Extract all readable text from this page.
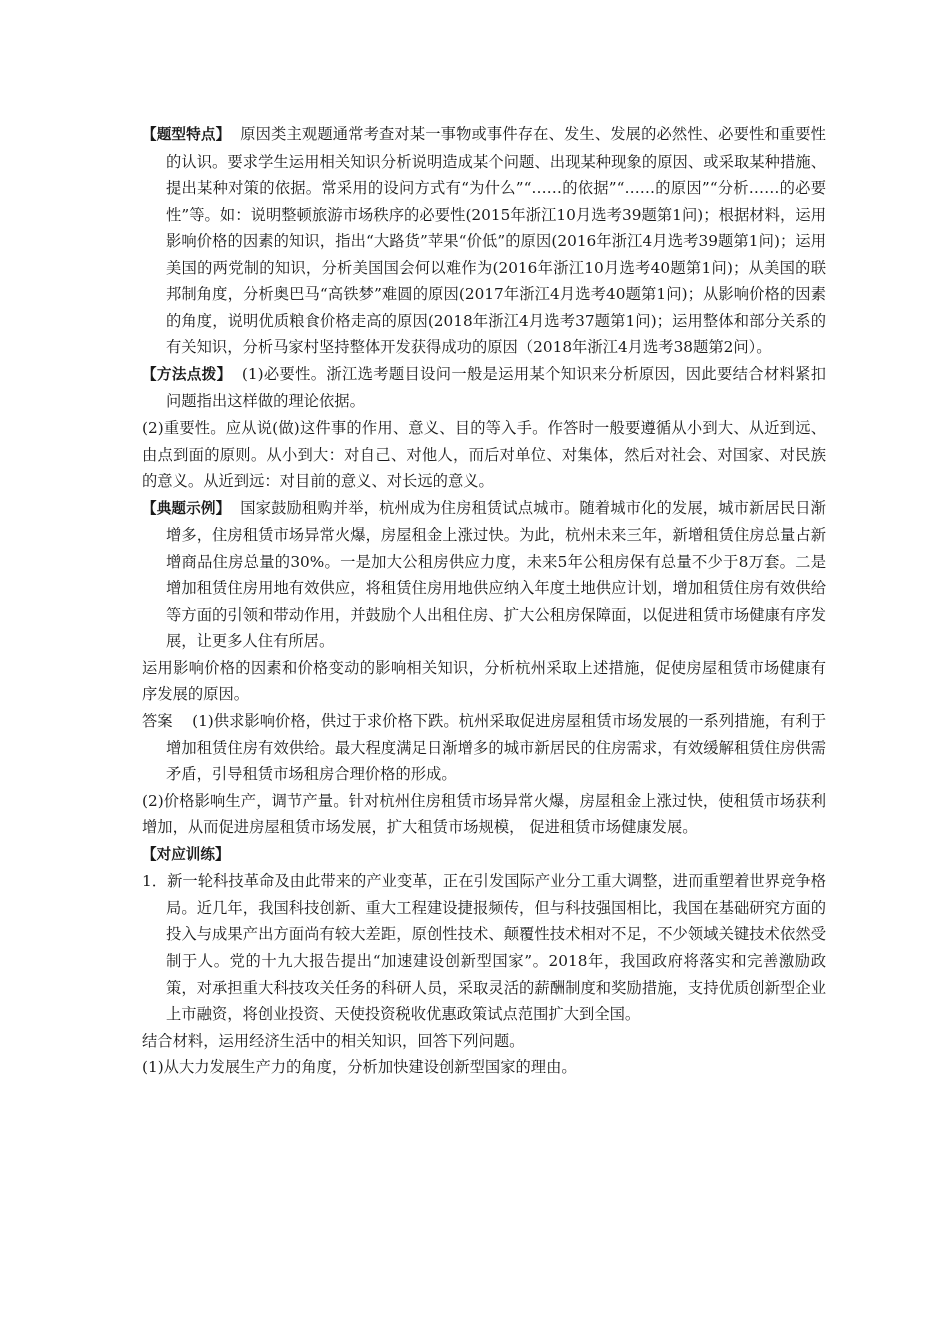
【题型特点】 原因类主观题通常考查对某一事物或事件存在、发生、发展的必然性、必要性和重要性的认识。要求学生运用相关知识分析说明造成某个问题、出现某种现象的原因、或采取某种措施、提出某种对策的依据。常采用的设问方式有“为什么”“……的依据”“……的原因”“分析……的必要性”等。如：说明整顿旅游市场秩序的必要性(2015年浙江10月选考39题第1问)；根据材料，运用影响价格的因素的知识，指出“大路货”苹果“价低”的原因(2016年浙江4月选考39题第1问)；运用美国的两党制的知识，分析美国国会何以难作为(2016年浙江10月选考40题第1问)；从美国的联邦制角度，分析奥巴马“高铁梦”难圆的原因(2017年浙江4月选考40题第1问)；从影响价格的因素的角度，说明优质粮食价格走高的原因(2018年浙江4月选考37题第1问)；运用整体和部分关系的有关知识，分析马家村坚持整体开发获得成功的原因（2018年浙江4月选考38题第2问）。

【方法点拨】 (1)必要性。浙江选考题目设问一般是运用某个知识来分析原因，因此要结合材料紧扣问题指出这样做的理论依据。

(2)重要性。应从说(做)这件事的作用、意义、目的等入手。作答时一般要遵循从小到大、从近到远、由点到面的原则。从小到大：对自己、对他人，而后对单位、对集体，然后对社会、对国家、对民族的意义。从近到远：对目前的意义、对长远的意义。

【典题示例】 国家鼓励租购并举，杭州成为住房租赁试点城市。随着城市化的发展，城市新居民日渐增多，住房租赁市场异常火爆，房屋租金上涨过快。为此，杭州未来三年，新增租赁住房总量占新增商品住房总量的30%。一是加大公租房供应力度，未来5年公租房保有总量不少于8万套。二是增加租赁住房用地有效供应，将租赁住房用地供应纳入年度土地供应计划，增加租赁住房有效供给等方面的引领和带动作用，并鼓励个人出租住房、扩大公租房保障面，以促进租赁市场健康有序发展，让更多人住有所居。

运用影响价格的因素和价格变动的影响相关知识，分析杭州采取上述措施，促使房屋租赁市场健康有序发展的原因。

答案 (1)供求影响价格，供过于求价格下跌。杭州采取促进房屋租赁市场发展的一系列措施，有利于增加租赁住房有效供给。最大程度满足日渐增多的城市新居民的住房需求，有效缓解租赁住房供需矛盾，引导租赁市场租房合理价格的形成。

(2)价格影响生产，调节产量。针对杭州住房租赁市场异常火爆，房屋租金上涨过快，使租赁市场获利增加，从而促进房屋租赁市场发展，扩大租赁市场规模， 促进租赁市场健康发展。

【对应训练】

1．新一轮科技革命及由此带来的产业变革，正在引发国际产业分工重大调整，进而重塑着世界竞争格局。近几年，我国科技创新、重大工程建设捷报频传，但与科技强国相比，我国在基础研究方面的投入与成果产出方面尚有较大差距，原创性技术、颠覆性技术相对不足，不少领域关键技术依然受制于人。党的十九大报告提出“加速建设创新型国家”。2018年，我国政府将落实和完善激励政策，对承担重大科技攻关任务的科研人员，采取灵活的薪酬制度和奖励措施，支持优质创新型企业上市融资，将创业投资、天使投资税收优惠政策试点范围扩大到全国。

结合材料，运用经济生活中的相关知识，回答下列问题。

(1)从大力发展生产力的角度，分析加快建设创新型国家的理由。
